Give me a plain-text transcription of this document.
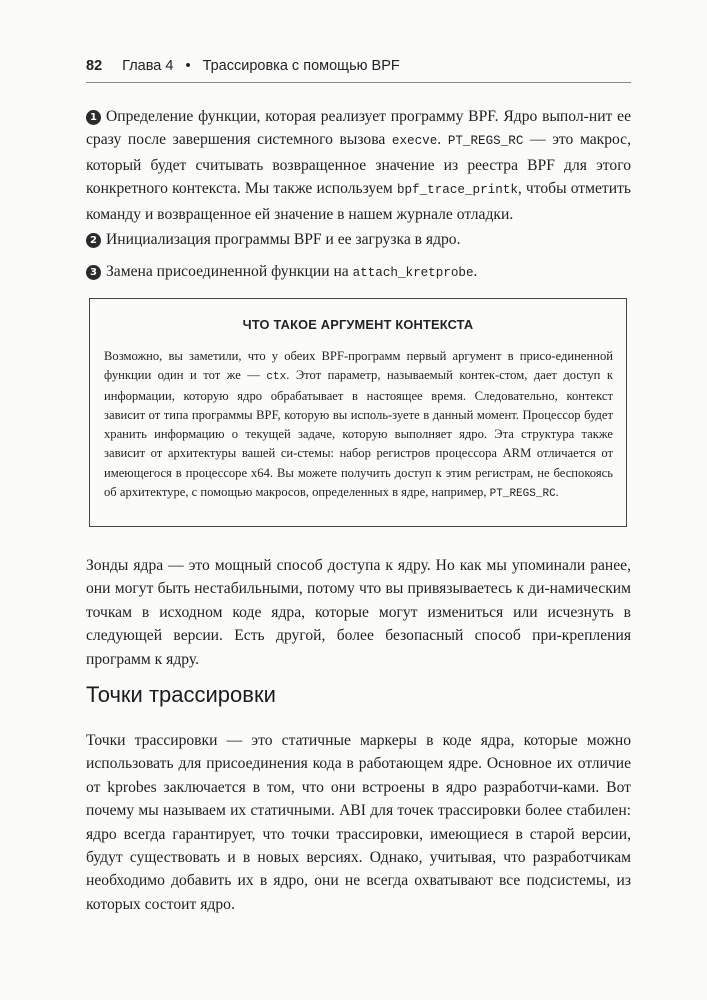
82 Глава 4 • Трассировка с помощью BPF

1 Определение функции, которая реализует программу BPF. Ядро выпол-нит ее сразу после завершения системного вызова execve. PT_REGS_RC — это макрос, который будет считывать возвращенное значение из реестра BPF для этого конкретного контекста. Мы также используем bpf_trace_printk, чтобы отметить команду и возвращенное ей значение в нашем журнале отладки.

2 Инициализация программы BPF и ее загрузка в ядро.

3 Замена присоединенной функции на attach_kretprobe.

ЧТО ТАКОЕ АРГУМЕНТ КОНТЕКСТА

Возможно, вы заметили, что у обеих BPF-программ первый аргумент в присо-единенной функции один и тот же — ctx. Этот параметр, называемый контек-стом, дает доступ к информации, которую ядро обрабатывает в настоящее время. Следовательно, контекст зависит от типа программы BPF, которую вы исполь-зуете в данный момент. Процессор будет хранить информацию о текущей задаче, которую выполняет ядро. Эта структура также зависит от архитектуры вашей си-стемы: набор регистров процессора ARM отличается от имеющегося в процессоре x64. Вы можете получить доступ к этим регистрам, не беспокоясь об архитектуре, с помощью макросов, определенных в ядре, например, PT_REGS_RC.

Зонды ядра — это мощный способ доступа к ядру. Но как мы упоминали ранее, они могут быть нестабильными, потому что вы привязываетесь к ди-намическим точкам в исходном коде ядра, которые могут измениться или исчезнуть в следующей версии. Есть другой, более безопасный способ при-крепления программ к ядру.

Точки трассировки

Точки трассировки — это статичные маркеры в коде ядра, которые можно использовать для присоединения кода в работающем ядре. Основное их отличие от kprobes заключается в том, что они встроены в ядро разработчи-ками. Вот почему мы называем их статичными. ABI для точек трассировки более стабилен: ядро всегда гарантирует, что точки трассировки, имеющиеся в старой версии, будут существовать и в новых версиях. Однако, учитывая, что разработчикам необходимо добавить их в ядро, они не всегда охватывают все подсистемы, из которых состоит ядро.
